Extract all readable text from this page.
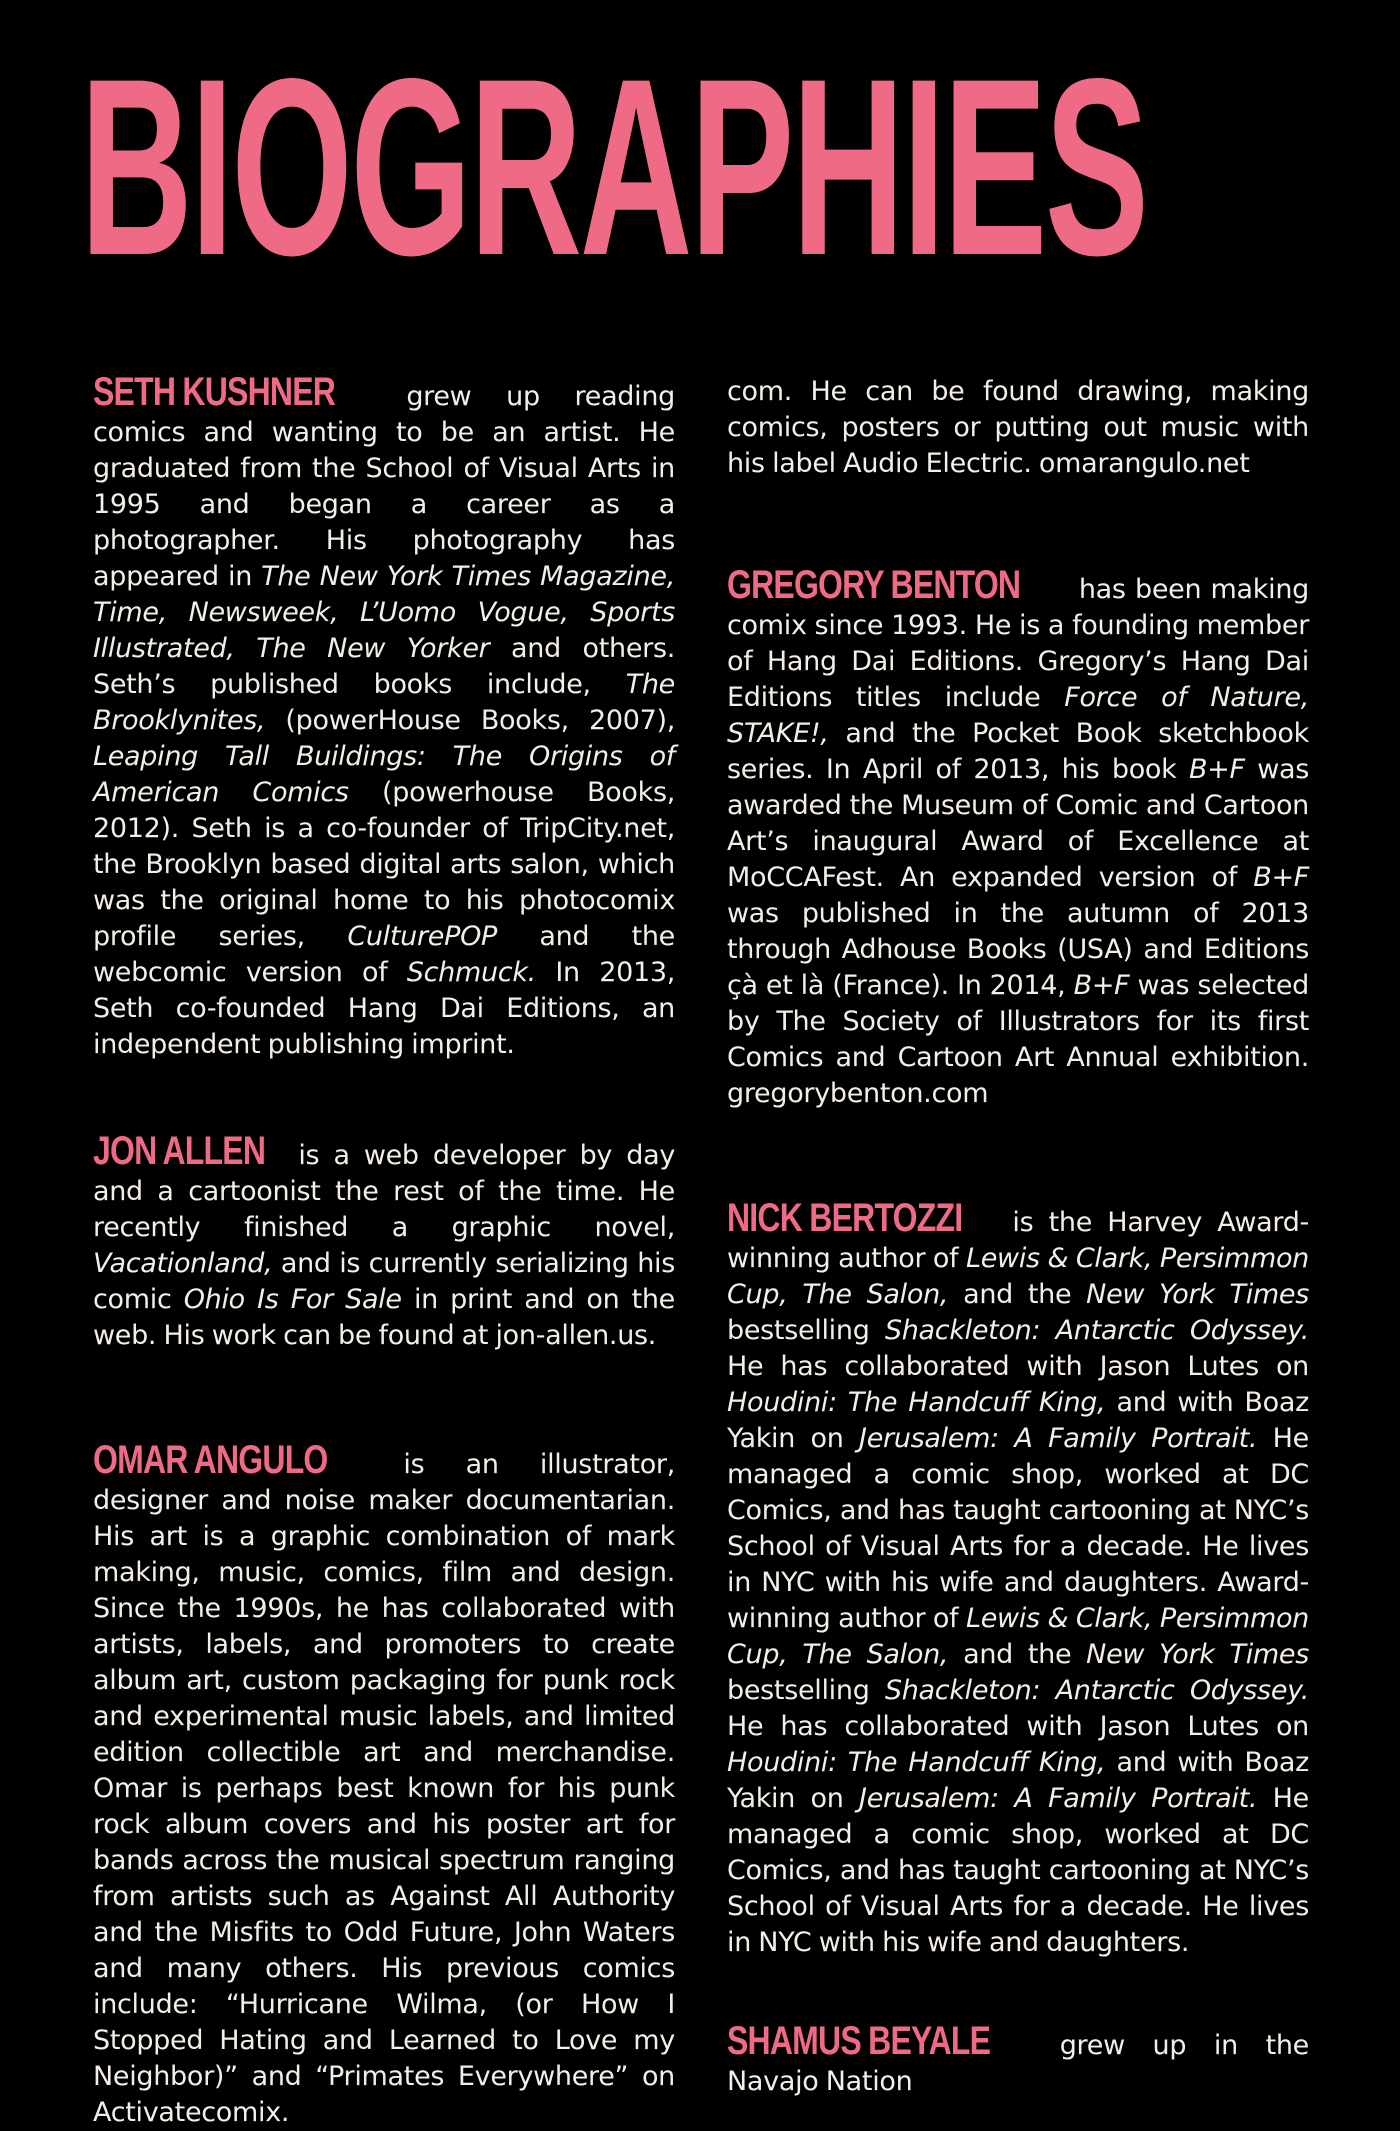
BIOGRAPHIES

SETH KUSHNER grew up reading comics and wanting to be an artist. He graduated from the School of Visual Arts in 1995 and began a career as a photographer. His photography has appeared in The New York Times Magazine, Time, Newsweek, L’Uomo Vogue, Sports Illustrated, The New Yorker and others. Seth’s published books include, The Brooklynites, (powerHouse Books, 2007), Leaping Tall Buildings: The Origins of American Comics (powerhouse Books, 2012). Seth is a co-founder of TripCity.net, the Brooklyn based digital arts salon, which was the original home to his photocomix profile series, CulturePOP and the webcomic version of Schmuck. In 2013, Seth co-founded Hang Dai Editions, an independent publishing imprint.

JON ALLEN is a web developer by day and a cartoonist the rest of the time. He recently finished a graphic novel, Vacationland, and is currently serializing his comic Ohio Is For Sale in print and on the web. His work can be found at jon-allen.us.

OMAR ANGULO is an illustrator, designer and noise maker documentarian. His art is a graphic combination of mark making, music, comics, film and design. Since the 1990s, he has collaborated with artists, labels, and promoters to create album art, custom packaging for punk rock and experimental music labels, and limited edition collectible art and merchandise. Omar is perhaps best known for his punk rock album covers and his poster art for bands across the musical spectrum ranging from artists such as Against All Authority and the Misfits to Odd Future, John Waters and many others. His previous comics include: “Hurricane Wilma, (or How I Stopped Hating and Learned to Love my Neighbor)” and “Primates Everywhere” on Activatecomix.

com. He can be found drawing, making comics, posters or putting out music with his label Audio Electric. omarangulo.net

GREGORY BENTON has been making comix since 1993. He is a founding member of Hang Dai Editions. Gregory’s Hang Dai Editions titles include Force of Nature, STAKE!, and the Pocket Book sketchbook series. In April of 2013, his book B+F was awarded the Museum of Comic and Cartoon Art’s inaugural Award of Excellence at MoCCAFest. An expanded version of B+F was published in the autumn of 2013 through Adhouse Books (USA) and Editions çà et là (France). In 2014, B+F was selected by The Society of Illustrators for its first Comics and Cartoon Art Annual exhibition. gregorybenton.com

NICK BERTOZZI is the Harvey Award-winning author of Lewis & Clark, Persimmon Cup, The Salon, and the New York Times bestselling Shackleton: Antarctic Odyssey. He has collaborated with Jason Lutes on Houdini: The Handcuff King, and with Boaz Yakin on Jerusalem: A Family Portrait. He managed a comic shop, worked at DC Comics, and has taught cartooning at NYC’s School of Visual Arts for a decade. He lives in NYC with his wife and daughters. Award-winning author of Lewis & Clark, Persimmon Cup, The Salon, and the New York Times bestselling Shackleton: Antarctic Odyssey. He has collaborated with Jason Lutes on Houdini: The Handcuff King, and with Boaz Yakin on Jerusalem: A Family Portrait. He managed a comic shop, worked at DC Comics, and has taught cartooning at NYC’s School of Visual Arts for a decade. He lives in NYC with his wife and daughters.

SHAMUS BEYALE grew up in the Navajo Nation
